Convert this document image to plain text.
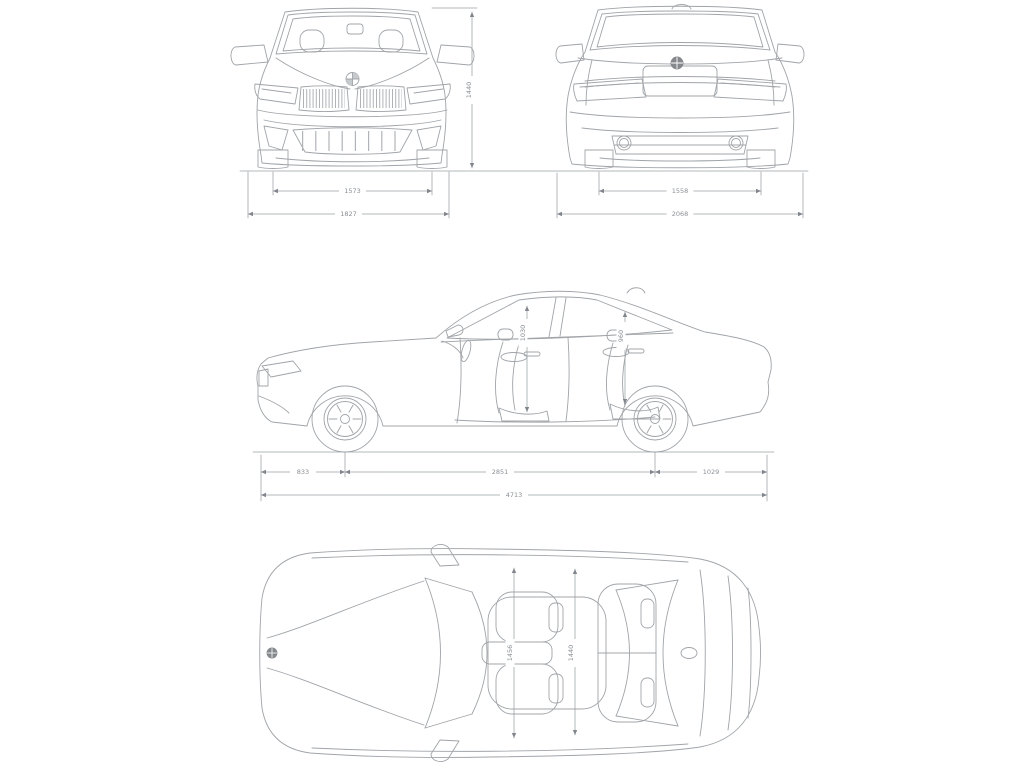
1440
1573
1827
1558
2068
1030	960
833	2851	1029
4713
1456	1440
